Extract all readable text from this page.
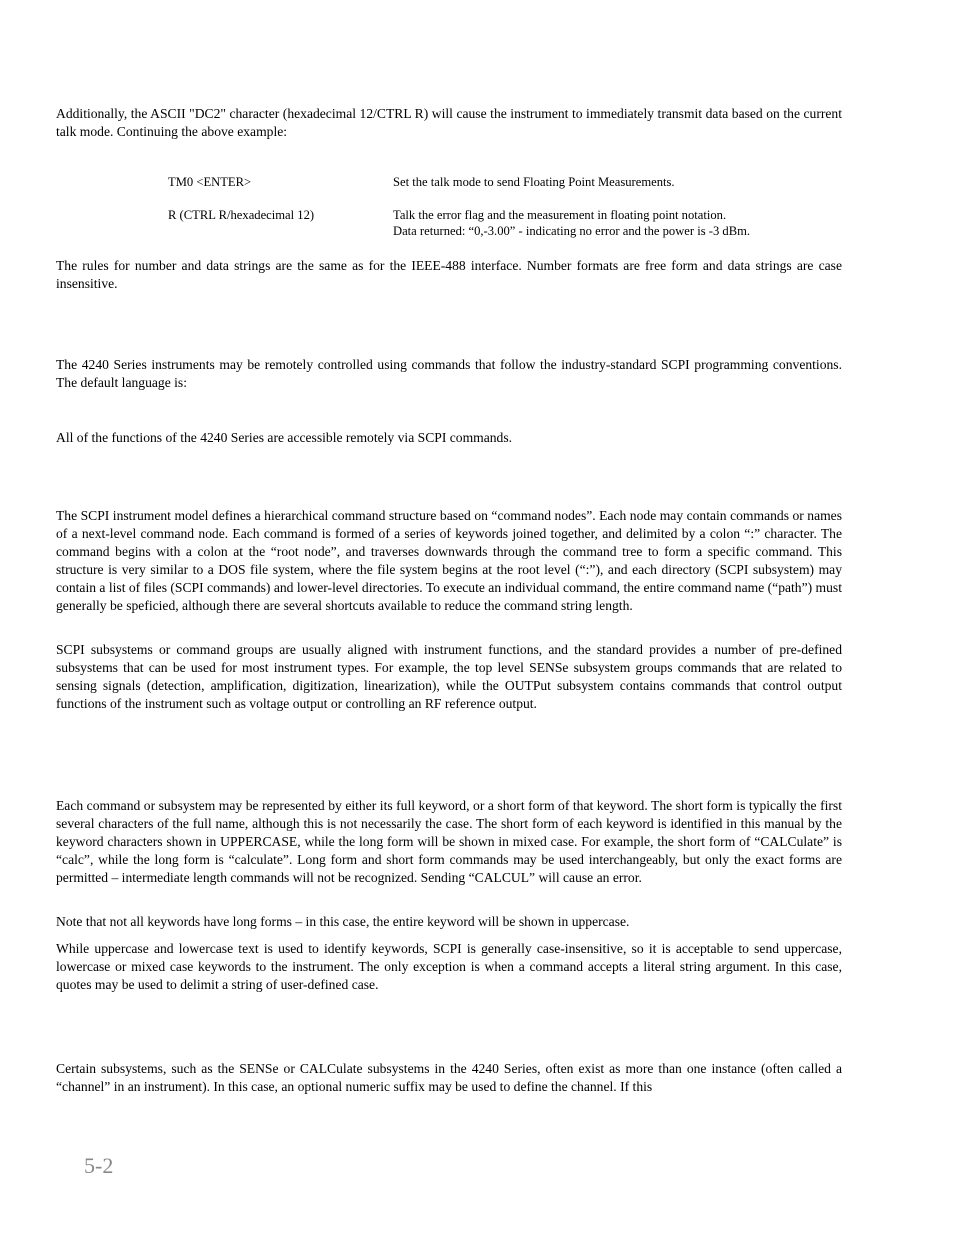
Additionally, the ASCII "DC2" character (hexadecimal 12/CTRL R) will cause the instrument to immediately transmit data based on the current talk mode. Continuing the above example:

TM0 <ENTER>	Set the talk mode to send Floating Point Measurements.

R (CTRL R/hexadecimal 12)	Talk the error flag and the measurement in floating point notation.

Data returned: “0,-3.00” - indicating no error and the power is -3 dBm.

The rules for number and data strings are the same as for the IEEE-488 interface. Number formats are free form and data strings are case insensitive.

The 4240 Series instruments may be remotely controlled using commands that follow the industry-standard SCPI programming conventions. The default language is:

All of the functions of the 4240 Series are accessible remotely via SCPI commands.

The SCPI instrument model defines a hierarchical command structure based on “command nodes”. Each node may contain commands or names of a next-level command node. Each command is formed of a series of keywords joined together, and delimited by a colon “:” character. The command begins with a colon at the “root node”, and traverses downwards through the command tree to form a specific command. This structure is very similar to a DOS file system, where the file system begins at the root level (“:”), and each directory (SCPI subsystem) may contain a list of files (SCPI commands) and lower-level directories. To execute an individual command, the entire command name (“path”) must generally be speficied, although there are several shortcuts available to reduce the command string length.

SCPI subsystems or command groups are usually aligned with instrument functions, and the standard provides a number of pre-defined subsystems that can be used for most instrument types. For example, the top level SENSe subsystem groups commands that are related to sensing signals (detection, amplification, digitization, linearization), while the OUTPut subsystem contains commands that control output functions of the instrument such as voltage output or controlling an RF reference output.

Each command or subsystem may be represented by either its full keyword, or a short form of that keyword. The short form is typically the first several characters of the full name, although this is not necessarily the case. The short form of each keyword is identified in this manual by the keyword characters shown in UPPERCASE, while the long form will be shown in mixed case. For example, the short form of “CALCulate” is “calc”, while the long form is “calculate”. Long form and short form commands may be used interchangeably, but only the exact forms are permitted – intermediate length commands will not be recognized. Sending “CALCUL” will cause an error.

Note that not all keywords have long forms – in this case, the entire keyword will be shown in uppercase.

While uppercase and lowercase text is used to identify keywords, SCPI is generally case-insensitive, so it is acceptable to send uppercase, lowercase or mixed case keywords to the instrument. The only exception is when a command accepts a literal string argument. In this case, quotes may be used to delimit a string of user-defined case.

Certain subsystems, such as the SENSe or CALCulate subsystems in the 4240 Series, often exist as more than one instance (often called a “channel” in an instrument). In this case, an optional numeric suffix may be used to define the channel. If this

5-2
